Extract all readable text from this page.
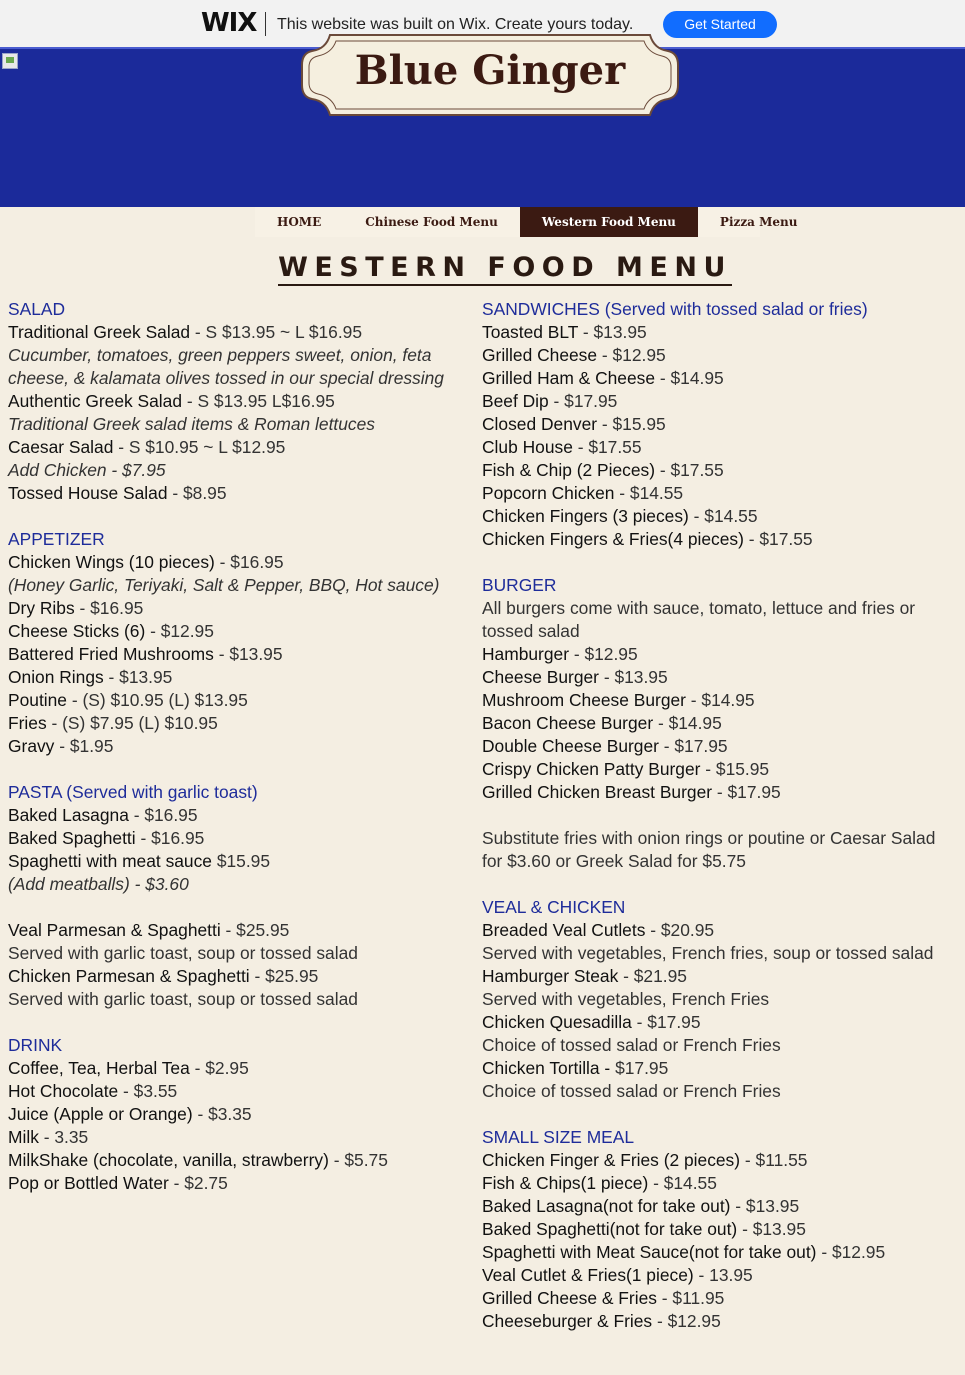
WIX This website was built on Wix. Create yours today.	Get Started
Blue Ginger
HOME	Chinese Food Menu	Western Food Menu	Pizza Menu
WESTERN FOOD MENU
SALAD
Traditional Greek Salad - S $13.95 ~ L $16.95
Cucumber, tomatoes, green peppers sweet, onion, feta cheese, & kalamata olives tossed in our special dressing
Authentic Greek Salad - S $13.95 L$16.95
Traditional Greek salad items & Roman lettuces
Caesar Salad - S $10.95 ~ L $12.95
Add Chicken - $7.95
Tossed House Salad - $8.95
APPETIZER
Chicken Wings (10 pieces) - $16.95
(Honey Garlic, Teriyaki, Salt & Pepper, BBQ, Hot sauce)
Dry Ribs - $16.95
Cheese Sticks (6) - $12.95
Battered Fried Mushrooms - $13.95
Onion Rings - $13.95
Poutine - (S) $10.95 (L) $13.95
Fries - (S) $7.95 (L) $10.95
Gravy - $1.95
PASTA (Served with garlic toast)
Baked Lasagna - $16.95
Baked Spaghetti - $16.95
Spaghetti with meat sauce $15.95
(Add meatballs) - $3.60
Veal Parmesan & Spaghetti - $25.95
Served with garlic toast, soup or tossed salad
Chicken Parmesan & Spaghetti - $25.95
Served with garlic toast, soup or tossed salad
DRINK
Coffee, Tea, Herbal Tea - $2.95
Hot Chocolate - $3.55
Juice (Apple or Orange) - $3.35
Milk - 3.35
MilkShake (chocolate, vanilla, strawberry) - $5.75
Pop or Bottled Water - $2.75
SANDWICHES (Served with tossed salad or fries)
Toasted BLT - $13.95
Grilled Cheese - $12.95
Grilled Ham & Cheese - $14.95
Beef Dip - $17.95
Closed Denver - $15.95
Club House - $17.55
Fish & Chip (2 Pieces) - $17.55
Popcorn Chicken - $14.55
Chicken Fingers (3 pieces) - $14.55
Chicken Fingers & Fries(4 pieces) - $17.55
BURGER
All burgers come with sauce, tomato, lettuce and fries or tossed salad
Hamburger - $12.95
Cheese Burger - $13.95
Mushroom Cheese Burger - $14.95
Bacon Cheese Burger - $14.95
Double Cheese Burger - $17.95
Crispy Chicken Patty Burger - $15.95
Grilled Chicken Breast Burger - $17.95
Substitute fries with onion rings or poutine or Caesar Salad for $3.60 or Greek Salad for $5.75
VEAL & CHICKEN
Breaded Veal Cutlets - $20.95
Served with vegetables, French fries, soup or tossed salad
Hamburger Steak - $21.95
Served with vegetables, French Fries
Chicken Quesadilla - $17.95
Choice of tossed salad or French Fries
Chicken Tortilla - $17.95
Choice of tossed salad or French Fries
SMALL SIZE MEAL
Chicken Finger & Fries (2 pieces) - $11.55
Fish & Chips(1 piece) - $14.55
Baked Lasagna(not for take out) - $13.95
Baked Spaghetti(not for take out) - $13.95
Spaghetti with Meat Sauce(not for take out) - $12.95
Veal Cutlet & Fries(1 piece) - 13.95
Grilled Cheese & Fries - $11.95
Cheeseburger & Fries - $12.95
